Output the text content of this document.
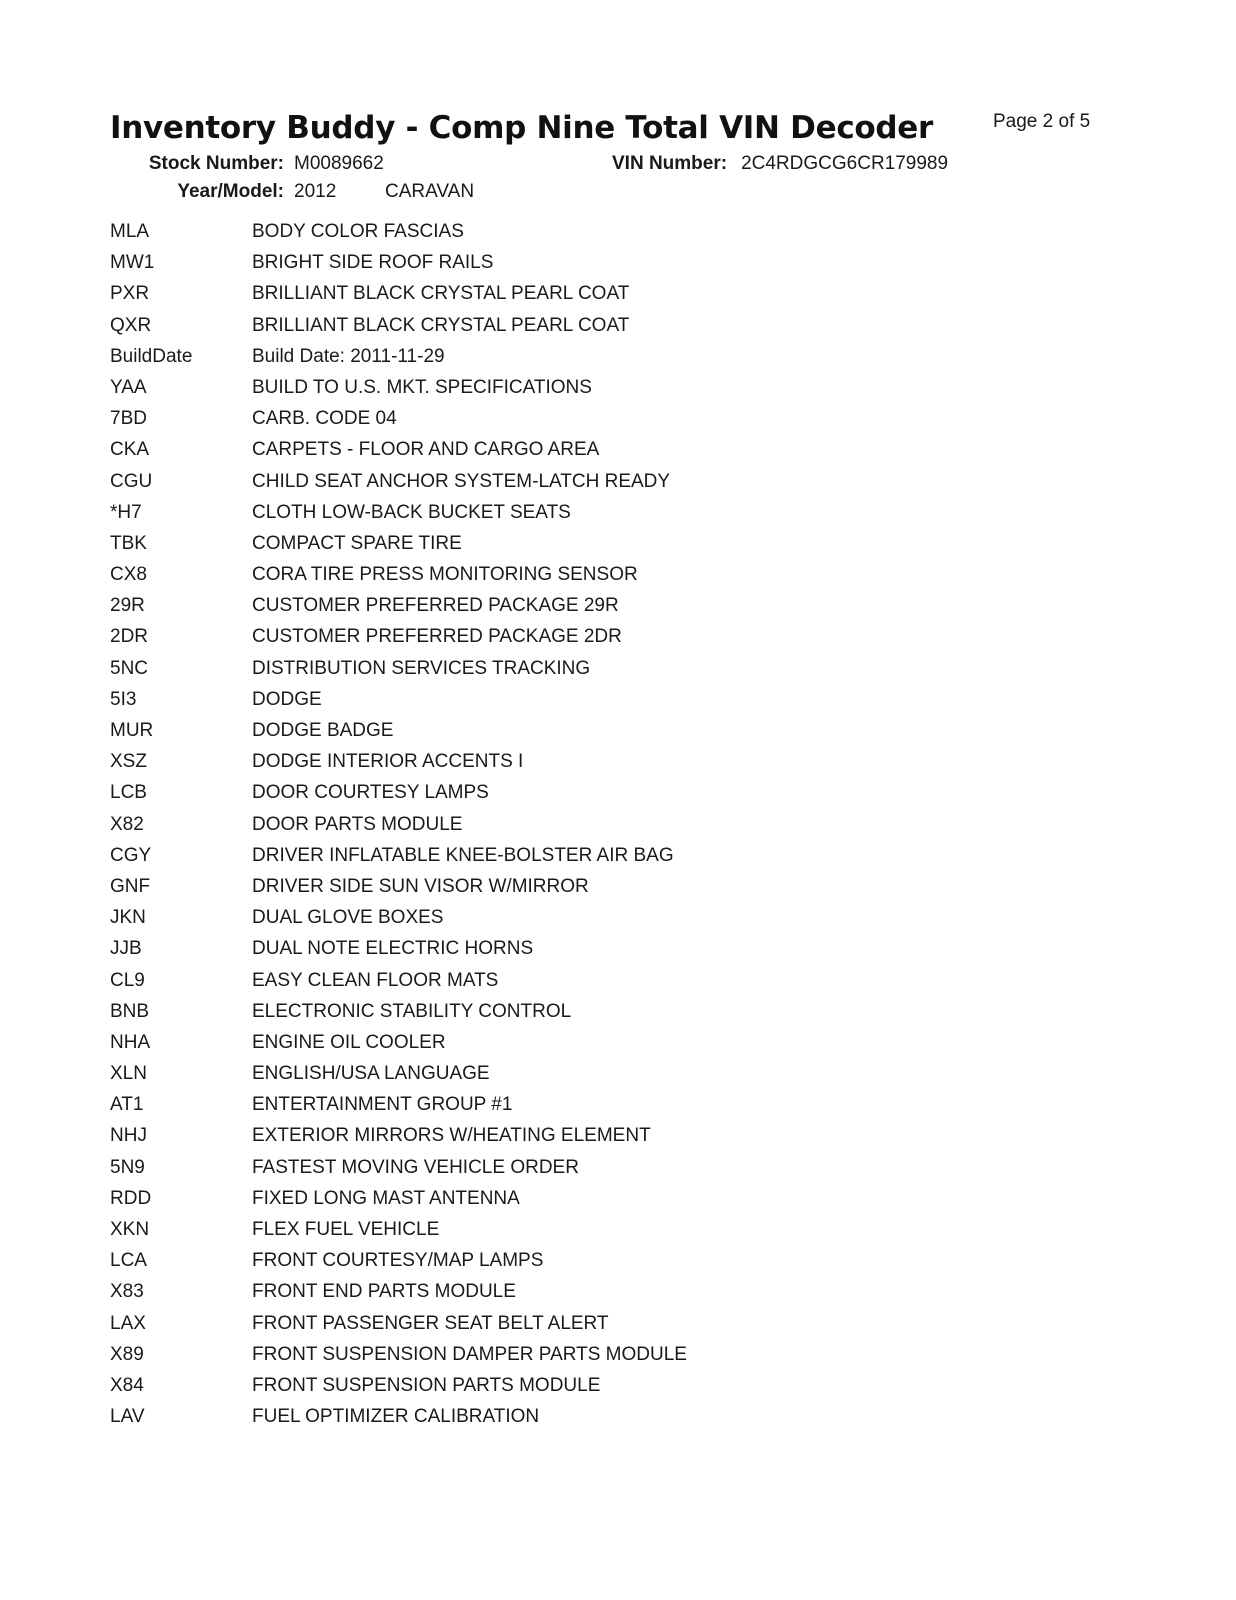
Inventory Buddy - Comp Nine Total VIN Decoder	Page 2 of 5
Stock Number: M0089662	VIN Number: 2C4RDGCG6CR179989
Year/Model: 2012	CARAVAN
MLA	BODY COLOR FASCIAS
MW1	BRIGHT SIDE ROOF RAILS
PXR	BRILLIANT BLACK CRYSTAL PEARL COAT
QXR	BRILLIANT BLACK CRYSTAL PEARL COAT
BuildDate	Build Date: 2011-11-29
YAA	BUILD TO U.S. MKT. SPECIFICATIONS
7BD	CARB. CODE 04
CKA	CARPETS - FLOOR AND CARGO AREA
CGU	CHILD SEAT ANCHOR SYSTEM-LATCH READY
*H7	CLOTH LOW-BACK BUCKET SEATS
TBK	COMPACT SPARE TIRE
CX8	CORA TIRE PRESS MONITORING SENSOR
29R	CUSTOMER PREFERRED PACKAGE 29R
2DR	CUSTOMER PREFERRED PACKAGE 2DR
5NC	DISTRIBUTION SERVICES TRACKING
5I3	DODGE
MUR	DODGE BADGE
XSZ	DODGE INTERIOR ACCENTS I
LCB	DOOR COURTESY LAMPS
X82	DOOR PARTS MODULE
CGY	DRIVER INFLATABLE KNEE-BOLSTER AIR BAG
GNF	DRIVER SIDE SUN VISOR W/MIRROR
JKN	DUAL GLOVE BOXES
JJB	DUAL NOTE ELECTRIC HORNS
CL9	EASY CLEAN FLOOR MATS
BNB	ELECTRONIC STABILITY CONTROL
NHA	ENGINE OIL COOLER
XLN	ENGLISH/USA LANGUAGE
AT1	ENTERTAINMENT GROUP #1
NHJ	EXTERIOR MIRRORS W/HEATING ELEMENT
5N9	FASTEST MOVING VEHICLE ORDER
RDD	FIXED LONG MAST ANTENNA
XKN	FLEX FUEL VEHICLE
LCA	FRONT COURTESY/MAP LAMPS
X83	FRONT END PARTS MODULE
LAX	FRONT PASSENGER SEAT BELT ALERT
X89	FRONT SUSPENSION DAMPER PARTS MODULE
X84	FRONT SUSPENSION PARTS MODULE
LAV	FUEL OPTIMIZER CALIBRATION
